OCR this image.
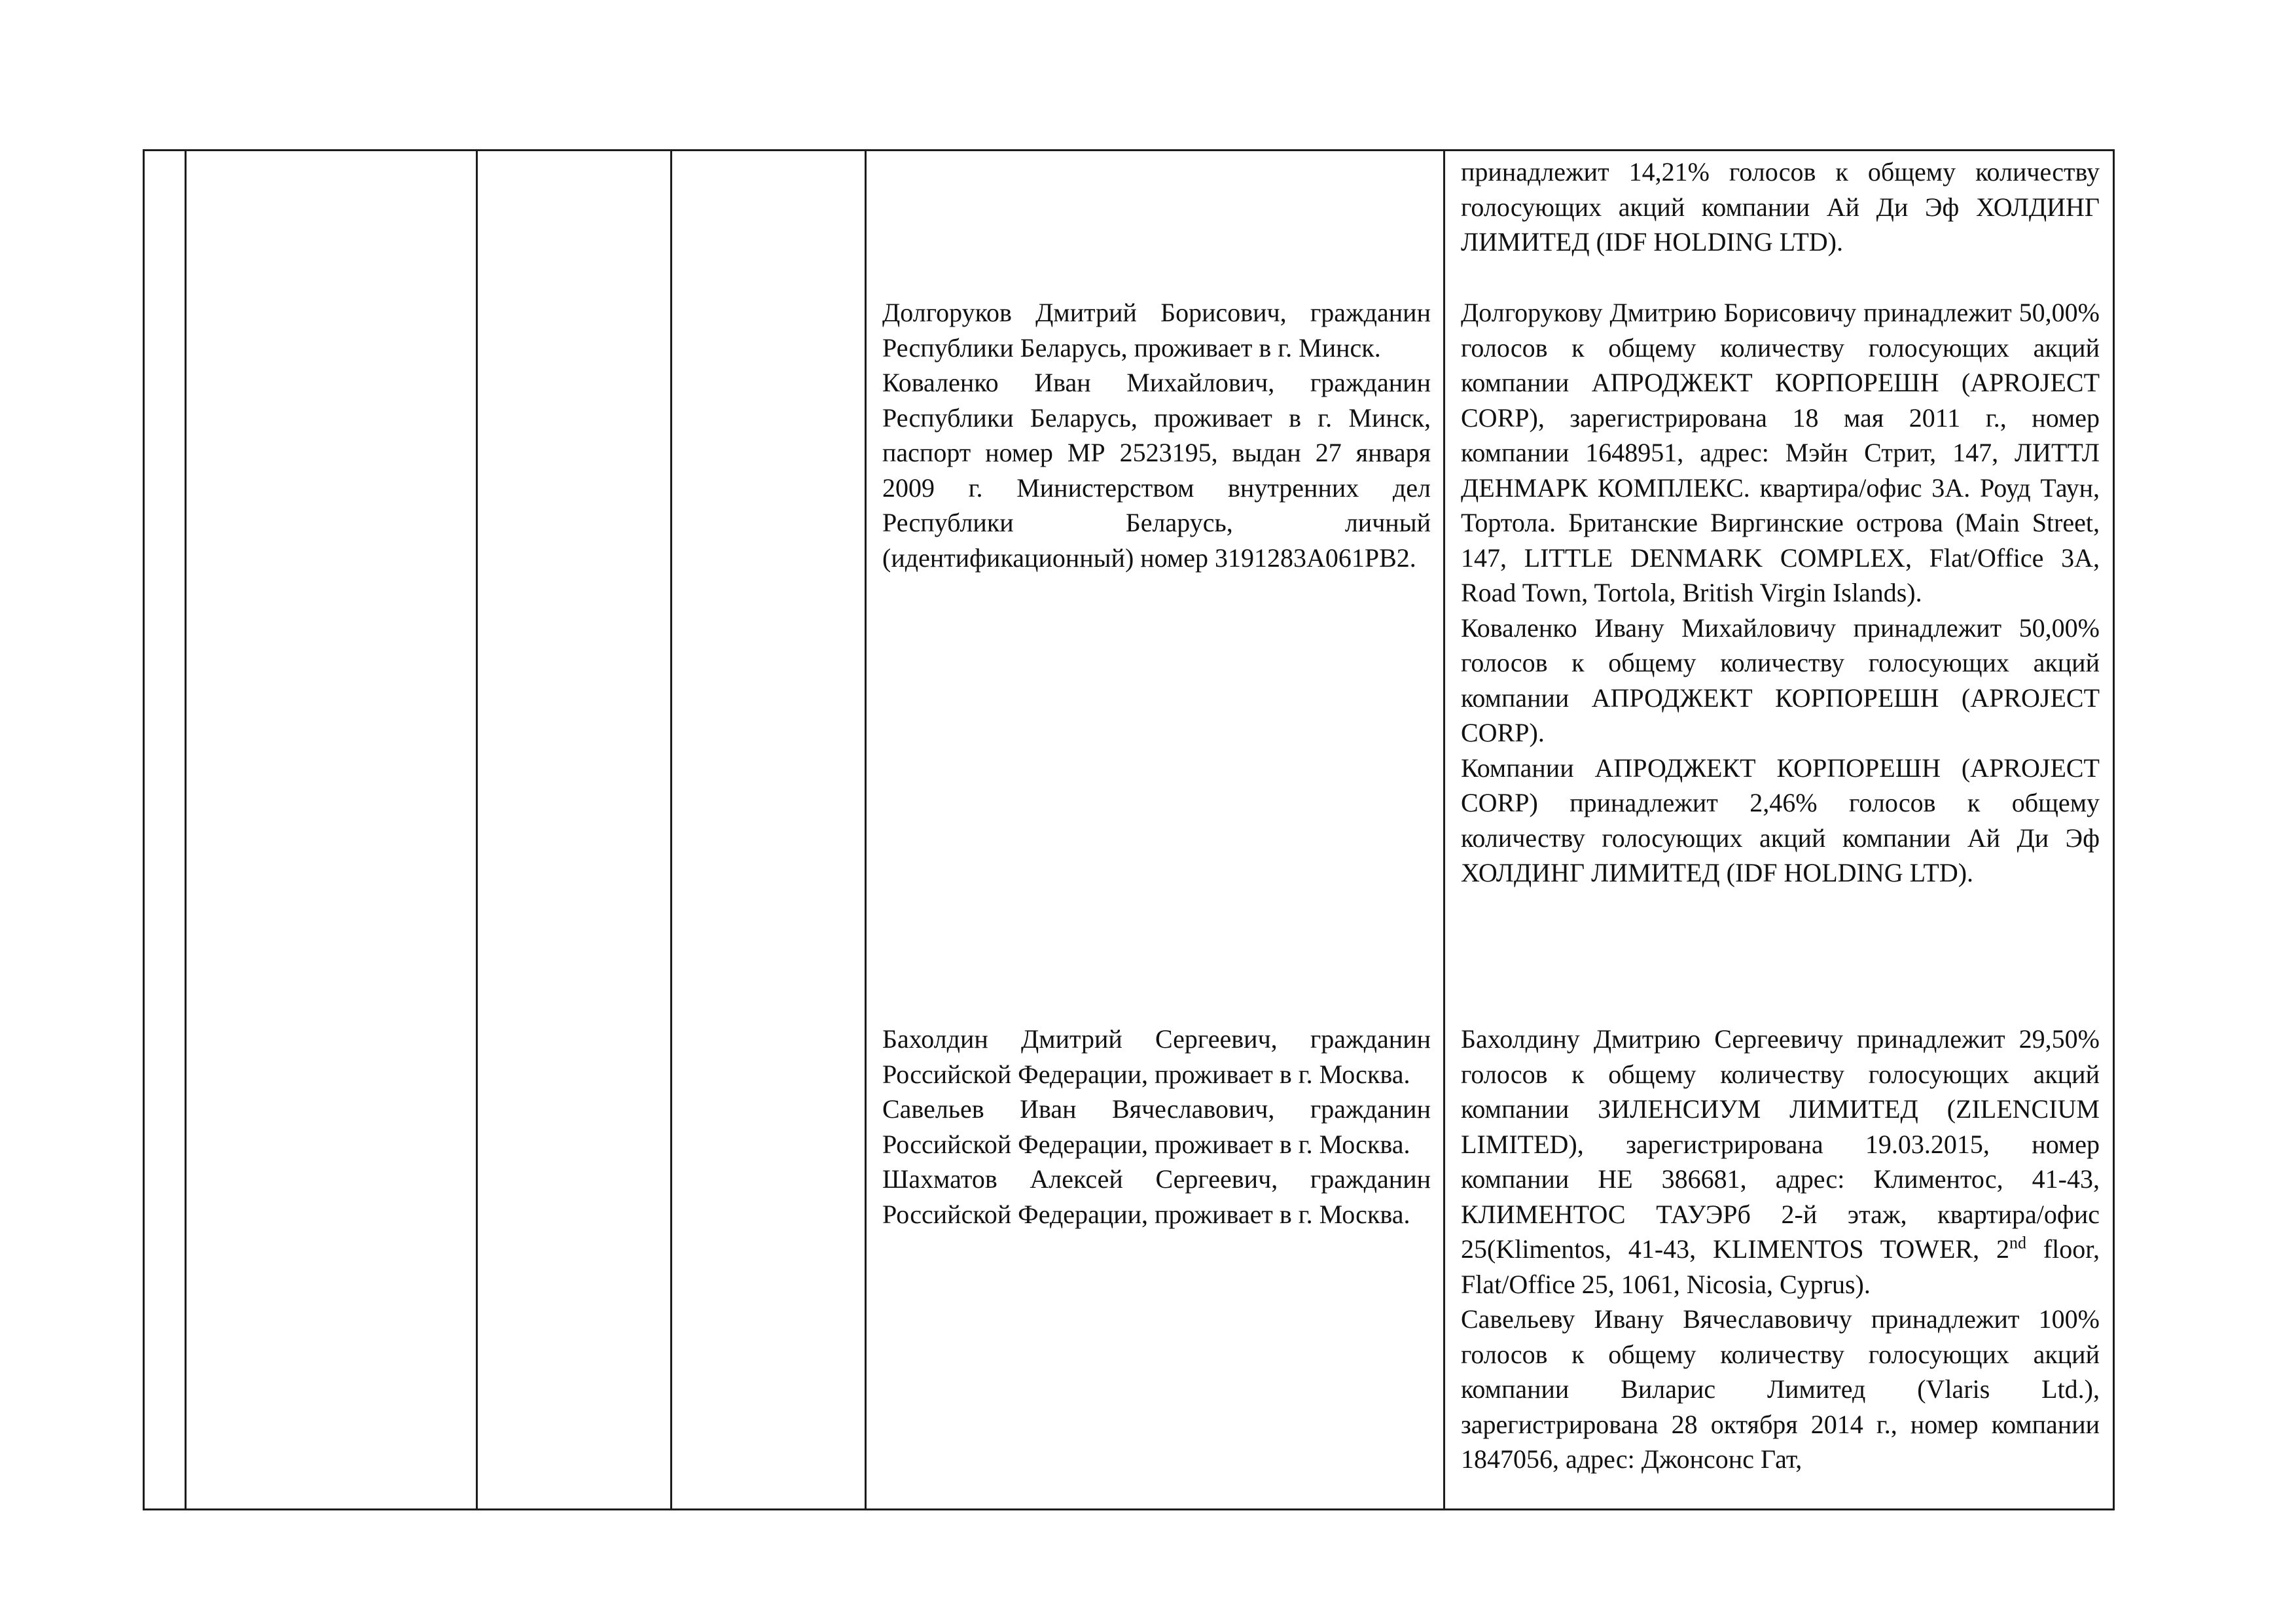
принадлежит 14,21% голосов к общему количеству голосующих акций компании Ай Ди Эф ХОЛДИНГ ЛИМИТЕД (IDF HOLDING LTD).

Долгоруков Дмитрий Борисович, гражданин Республики Беларусь, проживает в г. Минск.

Коваленко Иван Михайлович, гражданин Республики Беларусь, проживает в г. Минск, паспорт номер МР 2523195, выдан 27 января 2009 г. Министерством внутренних дел Республики Беларусь, личный (идентификационный) номер 3191283А061РВ2.

Долгорукову Дмитрию Борисовичу принадлежит 50,00% голосов к общему количеству голосующих акций компании АПРОДЖЕКТ КОРПОРЕШН (APROJECT CORP), зарегистрирована 18 мая 2011 г., номер компании 1648951, адрес: Мэйн Стрит, 147, ЛИТТЛ ДЕНМАРК КОМПЛЕКС. квартира/офис 3А. Роуд Таун, Тортола. Британские Виргинские острова (Main Street, 147, LITTLE DENMARK COMPLEX, Flat/Office 3A, Road Town, Tortola, British Virgin Islands).

Коваленко Ивану Михайловичу принадлежит 50,00% голосов к общему количеству голосующих акций компании АПРОДЖЕКТ КОРПОРЕШН (APROJECT CORP).

Компании АПРОДЖЕКТ КОРПОРЕШН (APROJECT CORP) принадлежит 2,46% голосов к общему количеству голосующих акций компании Ай Ди Эф ХОЛДИНГ ЛИМИТЕД (IDF HOLDING LTD).

Бахолдин Дмитрий Сергеевич, гражданин Российской Федерации, проживает в г. Москва.

Савельев Иван Вячеславович, гражданин Российской Федерации, проживает в г. Москва.

Шахматов Алексей Сергеевич, гражданин Российской Федерации, проживает в г. Москва.

Бахолдину Дмитрию Сергеевичу принадлежит 29,50% голосов к общему количеству голосующих акций компании ЗИЛЕНСИУМ ЛИМИТЕД (ZILENCIUM LIMITED), зарегистрирована 19.03.2015, номер компании НЕ 386681, адрес: Климентос, 41-43, КЛИМЕНТОС ТАУЭРб 2-й этаж, квартира/офис 25(Klimentos, 41-43, KLIMENTOS TOWER, 2nd floor, Flat/Office 25, 1061, Nicosia, Cyprus).

Савельеву Ивану Вячеславовичу принадлежит 100% голосов к общему количеству голосующих акций компании Виларис Лимитед (Vlaris Ltd.), зарегистрирована 28 октября 2014 г., номер компании 1847056, адрес: Джонсонс Гат,
